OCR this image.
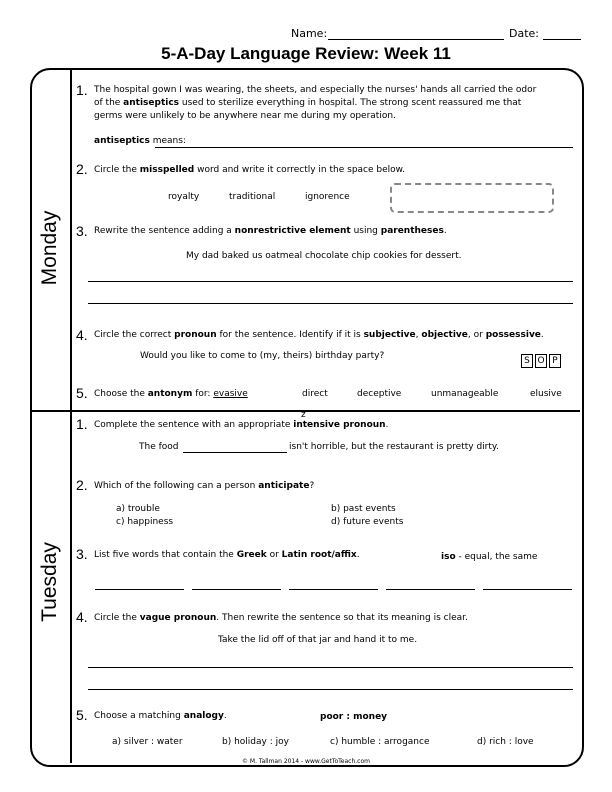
Name:	Date:
5-A-Day Language Review: Week 11
Monday
Tuesday
1. The hospital gown I was wearing, the sheets, and especially the nurses' hands all carried the odor
of the antiseptics used to sterilize everything in hospital. The strong scent reassured me that
germs were unlikely to be anywhere near me during my operation.
antiseptics means:
2. Circle the misspelled word and write it correctly in the space below.
royalty	traditional	ignorence
3. Rewrite the sentence adding a nonrestrictive element using parentheses.
My dad baked us oatmeal chocolate chip cookies for dessert.
4. Circle the correct pronoun for the sentence. Identify if it is subjective, objective, or possessive.
Would you like to come to (my, theirs) birthday party?	S O P
5. Choose the antonym for: evasive	direct	deceptive	unmanageable	elusive
z
1. Complete the sentence with an appropriate intensive pronoun.
The food	isn't horrible, but the restaurant is pretty dirty.
2. Which of the following can a person anticipate?
a) trouble	b) past events
c) happiness	d) future events
3. List five words that contain the Greek or Latin root/affix.	iso - equal, the same
4. Circle the vague pronoun. Then rewrite the sentence so that its meaning is clear.
Take the lid off of that jar and hand it to me.
5. Choose a matching analogy.	poor : money
a) silver : water	b) holiday : joy	c) humble : arrogance	d) rich : love
© M. Tallman 2014 - www.GetToTeach.com
